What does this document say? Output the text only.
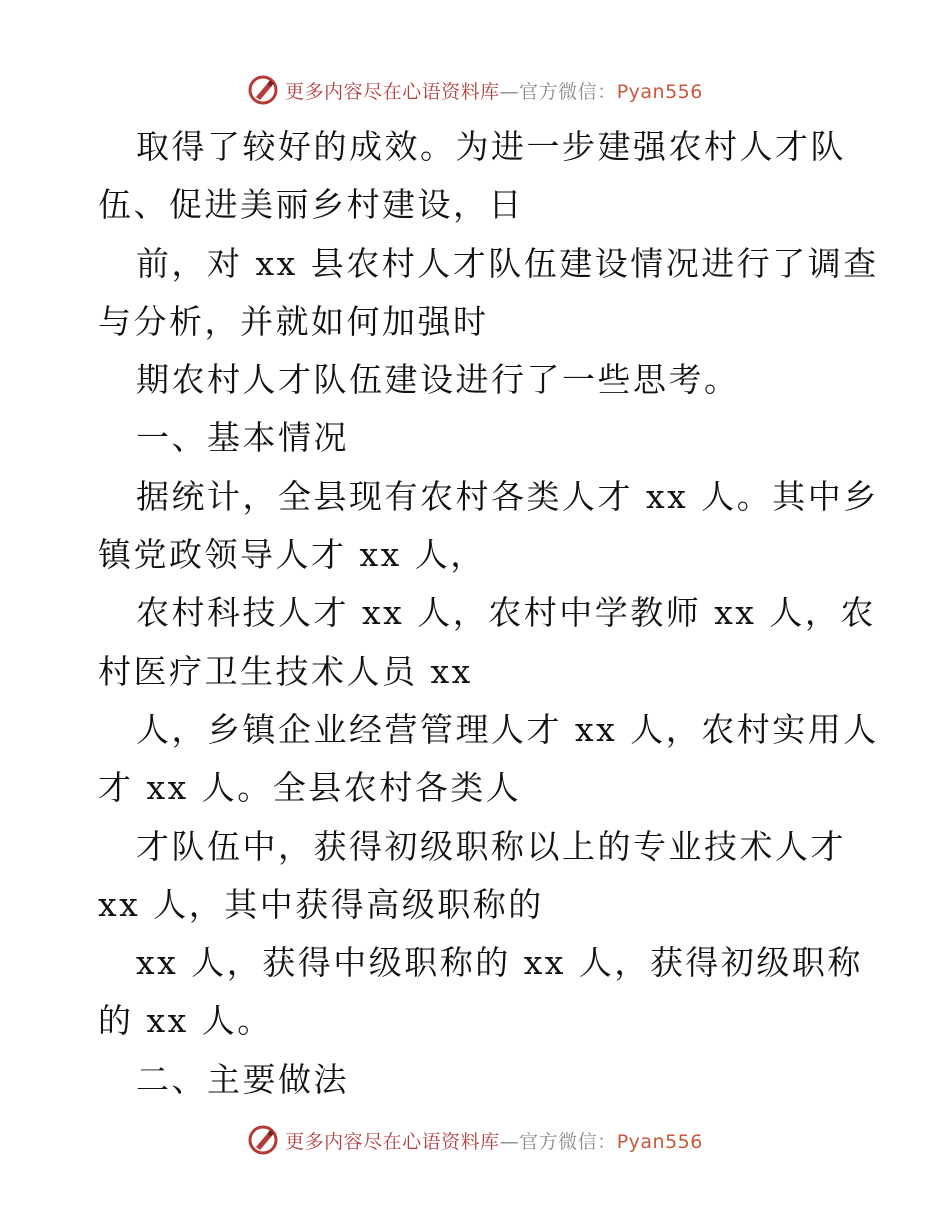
更多内容尽在心语资料库—官方微信：Pyan556
取得了较好的成效。为进一步建强农村人才队
伍、促进美丽乡村建设，日
前，对 xx 县农村人才队伍建设情况进行了调查
与分析，并就如何加强时
期农村人才队伍建设进行了一些思考。
一、基本情况
据统计，全县现有农村各类人才 xx 人。其中乡
镇党政领导人才 xx 人，
农村科技人才 xx 人，农村中学教师 xx 人，农
村医疗卫生技术人员 xx
人，乡镇企业经营管理人才 xx 人，农村实用人
才 xx 人。全县农村各类人
才队伍中，获得初级职称以上的专业技术人才
xx 人，其中获得高级职称的
xx 人，获得中级职称的 xx 人，获得初级职称
的 xx 人。
二、主要做法
更多内容尽在心语资料库—官方微信：Pyan556
